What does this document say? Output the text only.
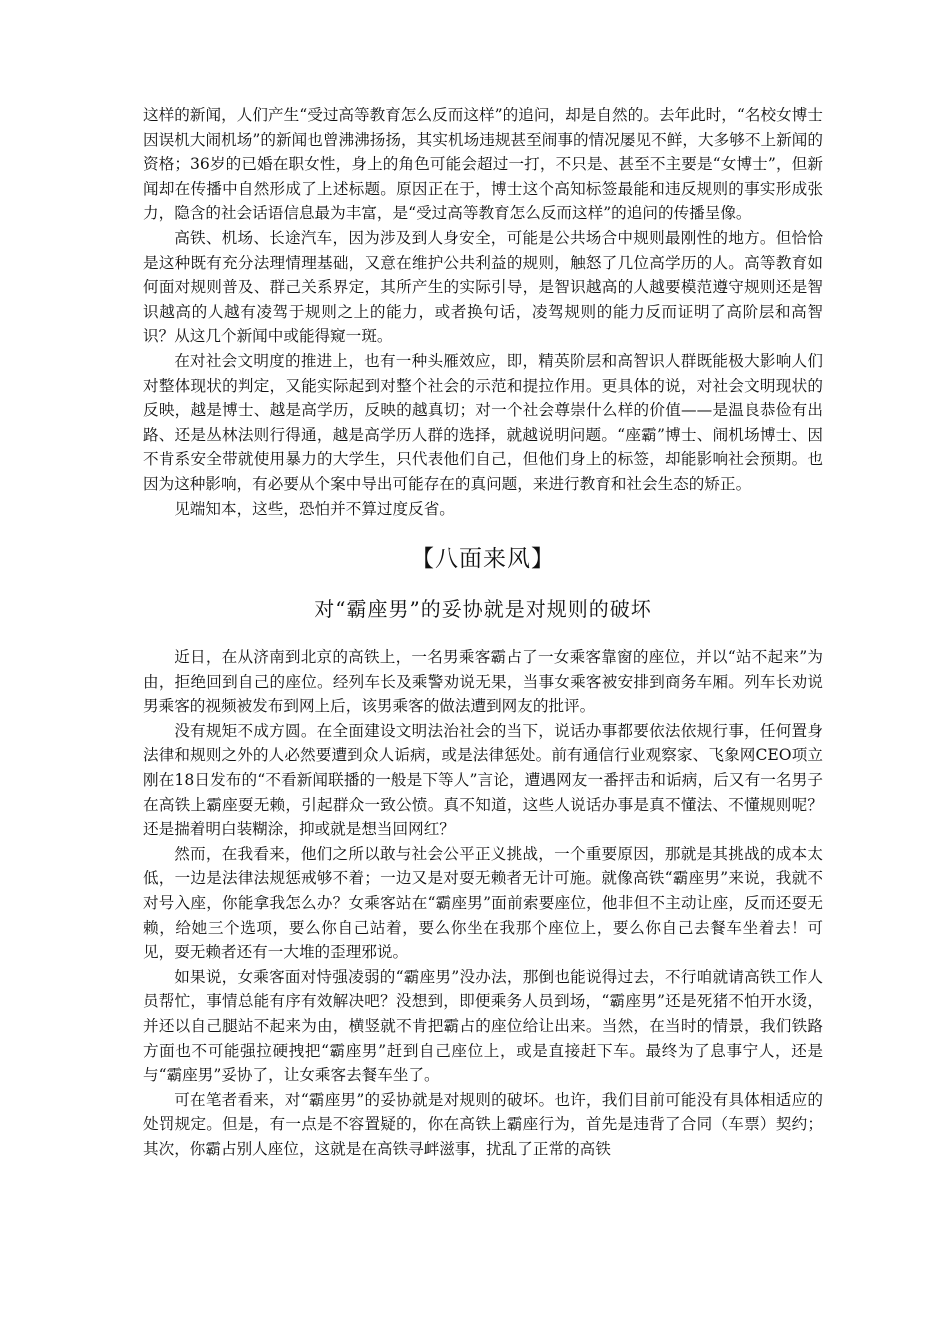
这样的新闻，人们产生“受过高等教育怎么反而这样”的追问，却是自然的。去年此时，“名校女博士因误机大闹机场”的新闻也曾沸沸扬扬，其实机场违规甚至闹事的情况屡见不鲜，大多够不上新闻的资格；36岁的已婚在职女性，身上的角色可能会超过一打，不只是、甚至不主要是“女博士”，但新闻却在传播中自然形成了上述标题。原因正在于，博士这个高知标签最能和违反规则的事实形成张力，隐含的社会话语信息最为丰富，是“受过高等教育怎么反而这样”的追问的传播呈像。

高铁、机场、长途汽车，因为涉及到人身安全，可能是公共场合中规则最刚性的地方。但恰恰是这种既有充分法理情理基础，又意在维护公共利益的规则，触怒了几位高学历的人。高等教育如何面对规则普及、群己关系界定，其所产生的实际引导，是智识越高的人越要模范遵守规则还是智识越高的人越有凌驾于规则之上的能力，或者换句话，凌驾规则的能力反而证明了高阶层和高智识？从这几个新闻中或能得窥一斑。

在对社会文明度的推进上，也有一种头雁效应，即，精英阶层和高智识人群既能极大影响人们对整体现状的判定，又能实际起到对整个社会的示范和提拉作用。更具体的说，对社会文明现状的反映，越是博士、越是高学历，反映的越真切；对一个社会尊崇什么样的价值——是温良恭俭有出路、还是丛林法则行得通，越是高学历人群的选择，就越说明问题。“座霸”博士、闹机场博士、因不肯系安全带就使用暴力的大学生，只代表他们自己，但他们身上的标签，却能影响社会预期。也因为这种影响，有必要从个案中导出可能存在的真问题，来进行教育和社会生态的矫正。

见端知本，这些，恐怕并不算过度反省。

【八面来风】
对“霸座男”的妥协就是对规则的破坏

近日，在从济南到北京的高铁上，一名男乘客霸占了一女乘客靠窗的座位，并以“站不起来”为由，拒绝回到自己的座位。经列车长及乘警劝说无果，当事女乘客被安排到商务车厢。列车长劝说男乘客的视频被发布到网上后，该男乘客的做法遭到网友的批评。

没有规矩不成方圆。在全面建设文明法治社会的当下，说话办事都要依法依规行事，任何置身法律和规则之外的人必然要遭到众人诟病，或是法律惩处。前有通信行业观察家、飞象网CEO项立刚在18日发布的“不看新闻联播的一般是下等人”言论，遭遇网友一番抨击和诟病，后又有一名男子在高铁上霸座耍无赖，引起群众一致公愤。真不知道，这些人说话办事是真不懂法、不懂规则呢？还是揣着明白装糊涂，抑或就是想当回网红？

然而，在我看来，他们之所以敢与社会公平正义挑战，一个重要原因，那就是其挑战的成本太低，一边是法律法规惩戒够不着；一边又是对耍无赖者无计可施。就像高铁“霸座男”来说，我就不对号入座，你能拿我怎么办？女乘客站在“霸座男”面前索要座位，他非但不主动让座，反而还耍无赖，给她三个选项，要么你自己站着，要么你坐在我那个座位上，要么你自己去餐车坐着去！可见，耍无赖者还有一大堆的歪理邪说。

如果说，女乘客面对恃强凌弱的“霸座男”没办法，那倒也能说得过去，不行咱就请高铁工作人员帮忙，事情总能有序有效解决吧？没想到，即便乘务人员到场，“霸座男”还是死猪不怕开水烫，并还以自己腿站不起来为由，横竖就不肯把霸占的座位给让出来。当然，在当时的情景，我们铁路方面也不可能强拉硬拽把“霸座男”赶到自己座位上，或是直接赶下车。最终为了息事宁人，还是与“霸座男”妥协了，让女乘客去餐车坐了。

可在笔者看来，对“霸座男”的妥协就是对规则的破坏。也许，我们目前可能没有具体相适应的处罚规定。但是，有一点是不容置疑的，你在高铁上霸座行为，首先是违背了合同（车票）契约；其次，你霸占别人座位，这就是在高铁寻衅滋事，扰乱了正常的高铁
